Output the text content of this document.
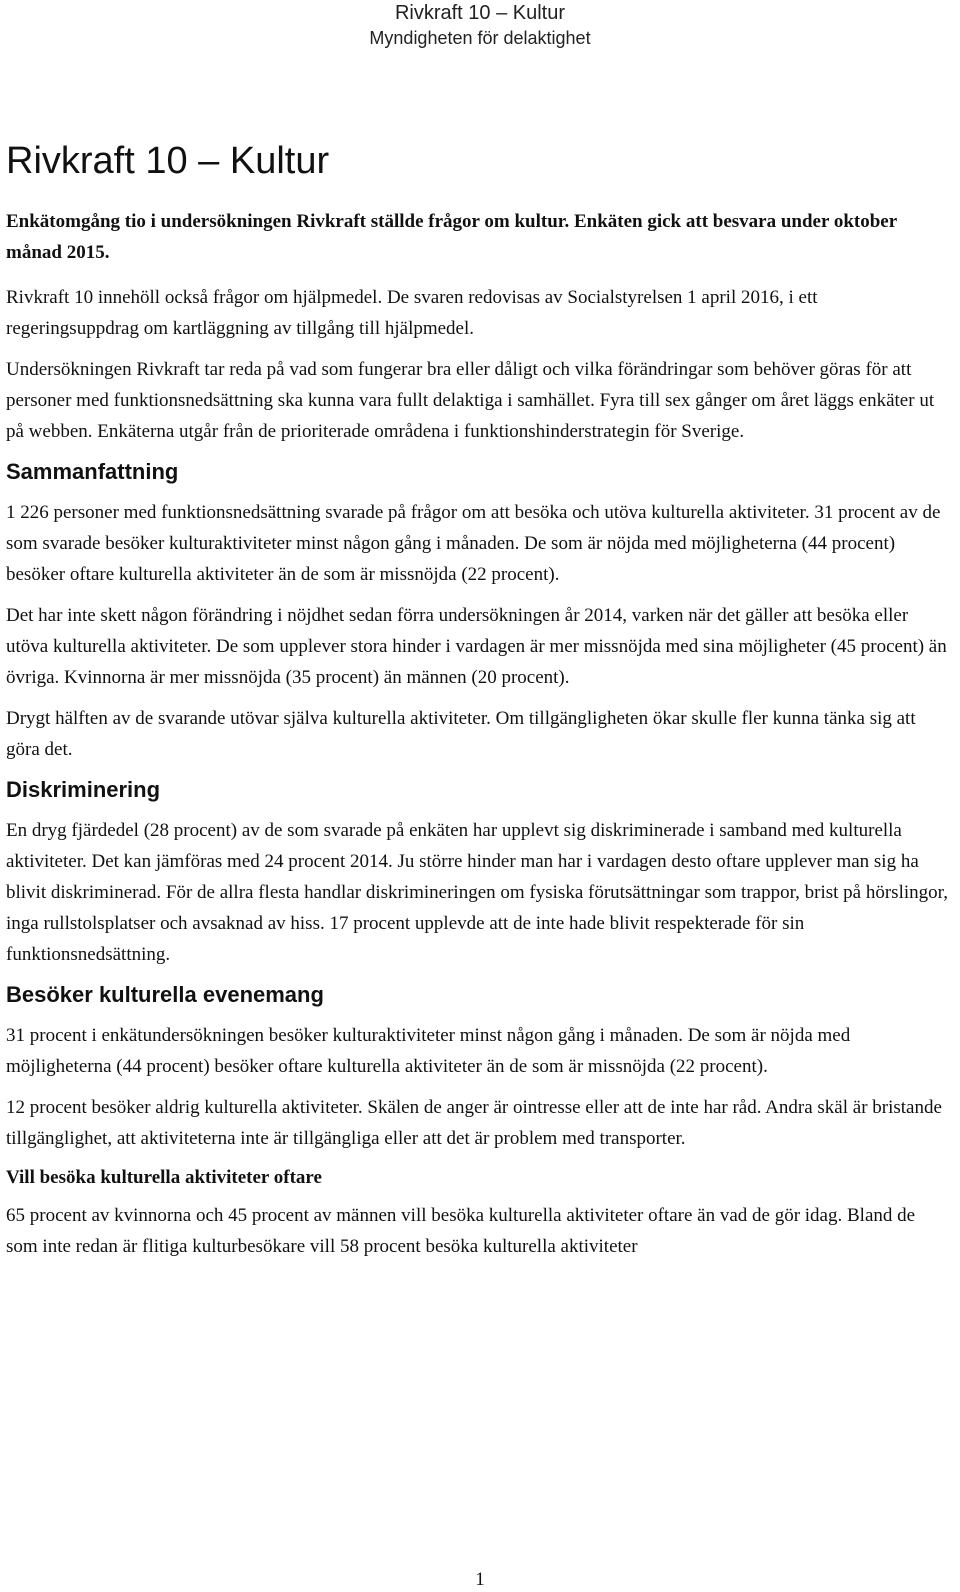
Rivkraft 10 – Kultur
Myndigheten för delaktighet
Rivkraft 10 – Kultur

Enkätomgång tio i undersökningen Rivkraft ställde frågor om kultur. Enkäten gick att besvara under oktober månad 2015.

Rivkraft 10 innehöll också frågor om hjälpmedel. De svaren redovisas av Socialstyrelsen 1 april 2016, i ett regeringsuppdrag om kartläggning av tillgång till hjälpmedel.

Undersökningen Rivkraft tar reda på vad som fungerar bra eller dåligt och vilka förändringar som behöver göras för att personer med funktionsnedsättning ska kunna vara fullt delaktiga i samhället. Fyra till sex gånger om året läggs enkäter ut på webben. Enkäterna utgår från de prioriterade områdena i funktionshinderstrategin för Sverige.

Sammanfattning

1 226 personer med funktionsnedsättning svarade på frågor om att besöka och utöva kulturella aktiviteter. 31 procent av de som svarade besöker kulturaktiviteter minst någon gång i månaden. De som är nöjda med möjligheterna (44 procent) besöker oftare kulturella aktiviteter än de som är missnöjda (22 procent).

Det har inte skett någon förändring i nöjdhet sedan förra undersökningen år 2014, varken när det gäller att besöka eller utöva kulturella aktiviteter. De som upplever stora hinder i vardagen är mer missnöjda med sina möjligheter (45 procent) än övriga. Kvinnorna är mer missnöjda (35 procent) än männen (20 procent).

Drygt hälften av de svarande utövar själva kulturella aktiviteter. Om tillgängligheten ökar skulle fler kunna tänka sig att göra det.

Diskriminering

En dryg fjärdedel (28 procent) av de som svarade på enkäten har upplevt sig diskriminerade i samband med kulturella aktiviteter. Det kan jämföras med 24 procent 2014. Ju större hinder man har i vardagen desto oftare upplever man sig ha blivit diskriminerad. För de allra flesta handlar diskrimineringen om fysiska förutsättningar som trappor, brist på hörslingor, inga rullstolsplatser och avsaknad av hiss. 17 procent upplevde att de inte hade blivit respekterade för sin funktionsnedsättning.

Besöker kulturella evenemang

31 procent i enkätundersökningen besöker kulturaktiviteter minst någon gång i månaden. De som är nöjda med möjligheterna (44 procent) besöker oftare kulturella aktiviteter än de som är missnöjda (22 procent).

12 procent besöker aldrig kulturella aktiviteter. Skälen de anger är ointresse eller att de inte har råd. Andra skäl är bristande tillgänglighet, att aktiviteterna inte är tillgängliga eller att det är problem med transporter.

Vill besöka kulturella aktiviteter oftare

65 procent av kvinnorna och 45 procent av männen vill besöka kulturella aktiviteter oftare än vad de gör idag. Bland de som inte redan är flitiga kulturbesökare vill 58 procent besöka kulturella aktiviteter

1
